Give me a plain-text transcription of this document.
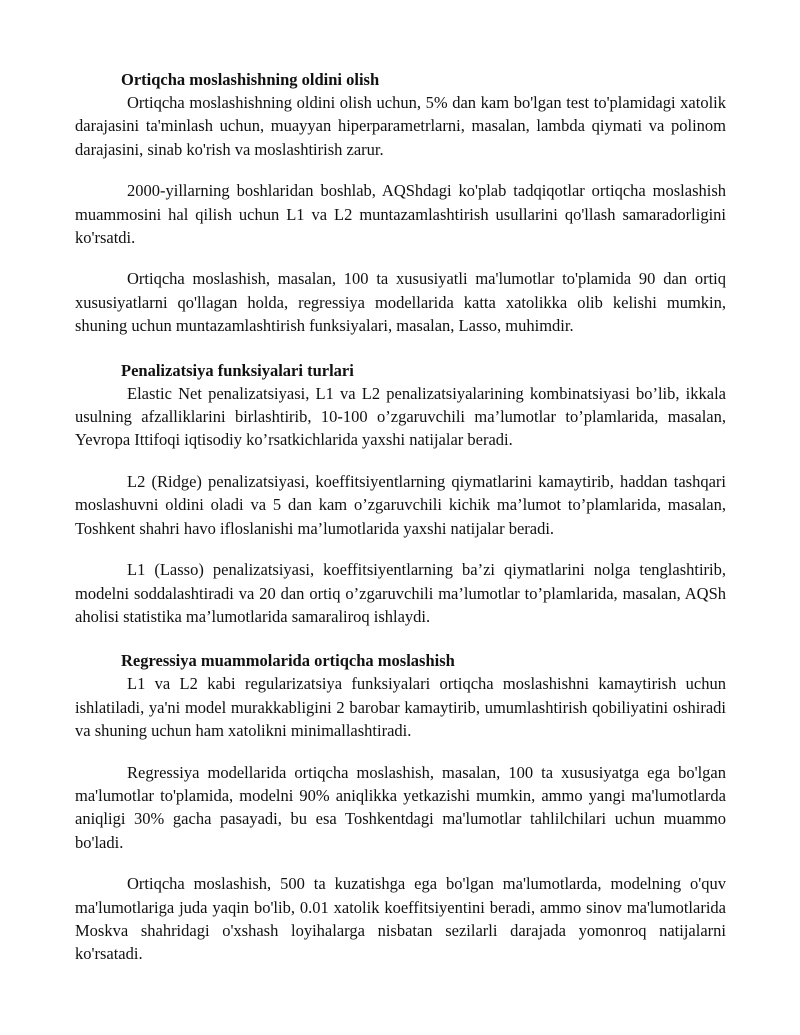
Ortiqcha moslashishning oldini olish

Ortiqcha moslashishning oldini olish uchun, 5% dan kam bo'lgan test to'plamidagi xatolik darajasini ta'minlash uchun, muayyan hiperparametrlarni, masalan, lambda qiymati va polinom darajasini, sinab ko'rish va moslashtirish zarur.

2000-yillarning boshlaridan boshlab, AQShdagi ko'plab tadqiqotlar ortiqcha moslashish muammosini hal qilish uchun L1 va L2 muntazamlashtirish usullarini qo'llash samaradorligini ko'rsatdi.

Ortiqcha moslashish, masalan, 100 ta xususiyatli ma'lumotlar to'plamida 90 dan ortiq xususiyatlarni qo'llagan holda, regressiya modellarida katta xatolikka olib kelishi mumkin, shuning uchun muntazamlashtirish funksiyalari, masalan, Lasso, muhimdir.

Penalizatsiya funksiyalari turlari

Elastic Net penalizatsiyasi, L1 va L2 penalizatsiyalarining kombinatsiyasi bo’lib, ikkala usulning afzalliklarini birlashtirib, 10-100 o’zgaruvchili ma’lumotlar to’plamlarida, masalan, Yevropa Ittifoqi iqtisodiy ko’rsatkichlarida yaxshi natijalar beradi.

L2 (Ridge) penalizatsiyasi, koeffitsiyentlarning qiymatlarini kamaytirib, haddan tashqari moslashuvni oldini oladi va 5 dan kam o’zgaruvchili kichik ma’lumot to’plamlarida, masalan, Toshkent shahri havo ifloslanishi ma’lumotlarida yaxshi natijalar beradi.

L1 (Lasso) penalizatsiyasi, koeffitsiyentlarning ba’zi qiymatlarini nolga tenglashtirib, modelni soddalashtiradi va 20 dan ortiq o’zgaruvchili ma’lumotlar to’plamlarida, masalan, AQSh aholisi statistika ma’lumotlarida samaraliroq ishlaydi.

Regressiya muammolarida ortiqcha moslashish

L1 va L2 kabi regularizatsiya funksiyalari ortiqcha moslashishni kamaytirish uchun ishlatiladi, ya'ni model murakkabligini 2 barobar kamaytirib, umumlashtirish qobiliyatini oshiradi va shuning uchun ham xatolikni minimallashtiradi.

Regressiya modellarida ortiqcha moslashish, masalan, 100 ta xususiyatga ega bo'lgan ma'lumotlar to'plamida, modelni 90% aniqlikka yetkazishi mumkin, ammo yangi ma'lumotlarda aniqligi 30% gacha pasayadi, bu esa Toshkentdagi ma'lumotlar tahlilchilari uchun muammo bo'ladi.

Ortiqcha moslashish, 500 ta kuzatishga ega bo'lgan ma'lumotlarda, modelning o'quv ma'lumotlariga juda yaqin bo'lib, 0.01 xatolik koeffitsiyentini beradi, ammo sinov ma'lumotlarida Moskva shahridagi o'xshash loyihalarga nisbatan sezilarli darajada yomonroq natijalarni ko'rsatadi.
